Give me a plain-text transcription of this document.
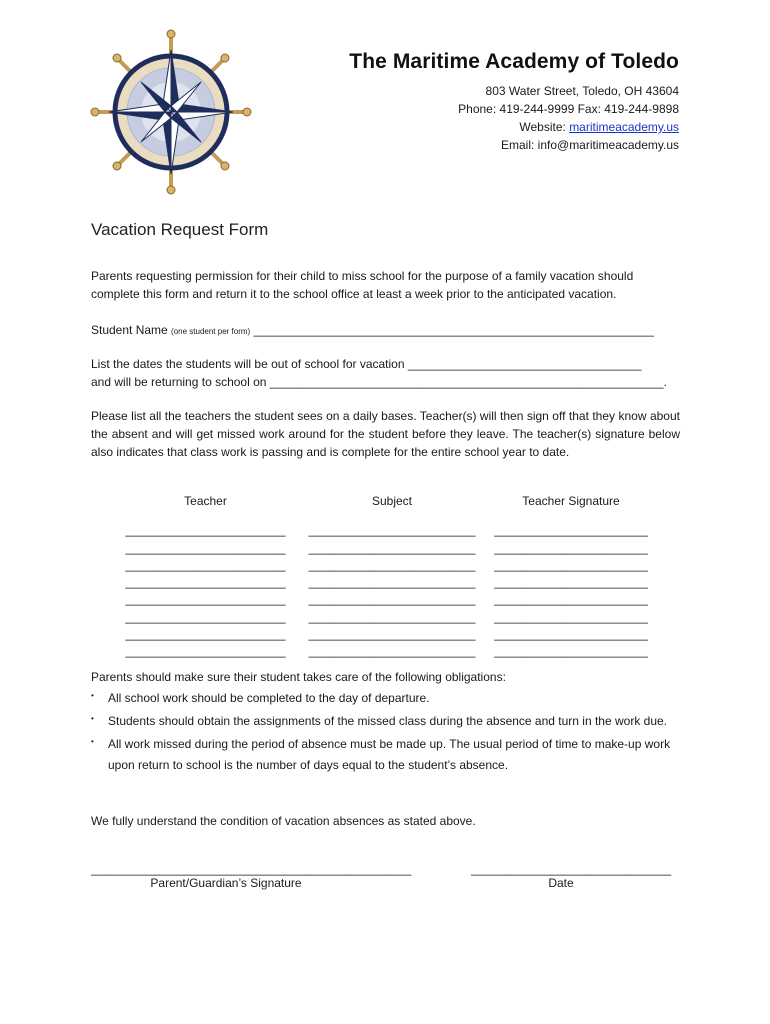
The Maritime Academy of Toledo
803 Water Street, Toledo, OH 43604
Phone: 419-244-9999 Fax: 419-244-9898
Website: maritimeacademy.us
Email: info@maritimeacademy.us
Vacation Request Form
Parents requesting permission for their child to miss school for the purpose of a family vacation should complete this form and return it to the school office at least a week prior to the anticipated vacation.
Student Name (one student per form) ____________________________________________________________
List the dates the students will be out of school for vacation ___________________________________
and will be returning to school on ___________________________________________________________.
Please list all the teachers the student sees on a daily bases. Teacher(s) will then sign off that they know about the absent and will get missed work around for the student before they leave. The teacher(s) signature below also indicates that class work is passing and is complete for the entire school year to date.
Teacher	Subject	Teacher Signature
________________________	_________________________	_______________________
________________________	_________________________	_______________________
________________________	_________________________	_______________________
________________________	_________________________	_______________________
________________________	_________________________	_______________________
________________________	_________________________	_______________________
________________________	_________________________	_______________________
________________________	_________________________	_______________________
Parents should make sure their student takes care of the following obligations:
•	All school work should be completed to the day of departure.
•	Students should obtain the assignments of the missed class during the absence and turn in the work due.
•	All work missed during the period of absence must be made up. The usual period of time to make-up work upon return to school is the number of days equal to the student’s absence.
We fully understand the condition of vacation absences as stated above.
________________________________________________
Parent/Guardian’s Signature
______________________________
Date
